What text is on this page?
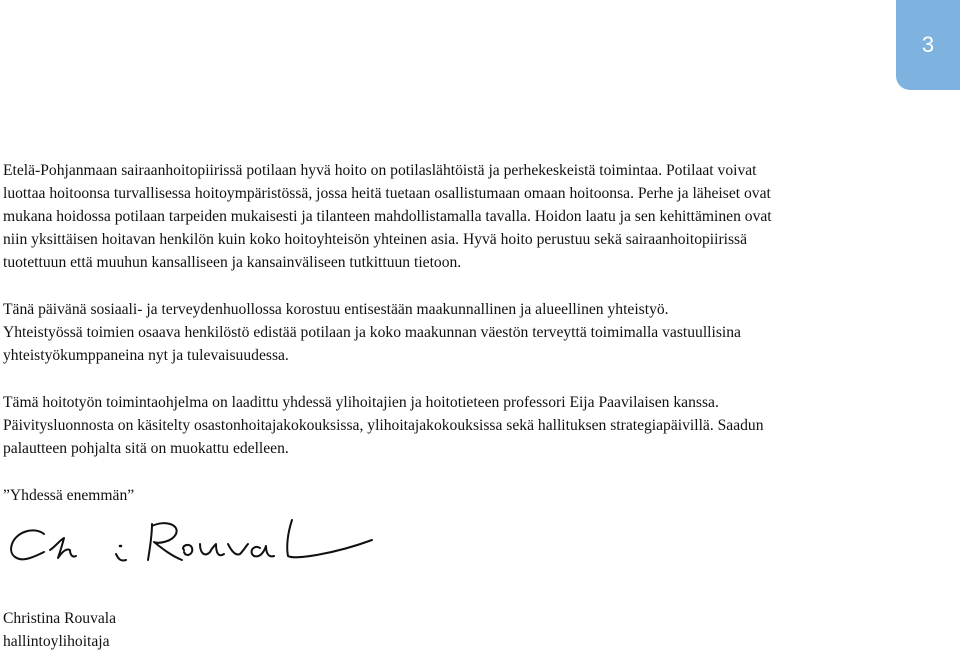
3

Etelä-Pohjanmaan sairaanhoitopiirissä potilaan hyvä hoito on potilaslähtöistä ja perhekeskeistä toimintaa. Potilaat voivat
luottaa hoitoonsa turvallisessa hoitoympäristössä, jossa heitä tuetaan osallistumaan omaan hoitoonsa. Perhe ja läheiset ovat
mukana hoidossa potilaan tarpeiden mukaisesti ja tilanteen mahdollistamalla tavalla. Hoidon laatu ja sen kehittäminen ovat
niin yksittäisen hoitavan henkilön kuin koko hoitoyhteisön yhteinen asia. Hyvä hoito perustuu sekä sairaanhoitopiirissä
tuotettuun että muuhun kansalliseen ja kansainväliseen tutkittuun tietoon.

Tänä päivänä sosiaali- ja terveydenhuollossa korostuu entisestään maakunnallinen ja alueellinen yhteistyö.
Yhteistyössä toimien osaava henkilöstö edistää potilaan ja koko maakunnan väestön terveyttä toimimalla vastuullisina
yhteistyökumppaneina nyt ja tulevaisuudessa.

Tämä hoitotyön toimintaohjelma on laadittu yhdessä ylihoitajien ja hoitotieteen professori Eija Paavilaisen kanssa.
Päivitysluonnosta on käsitelty osastonhoitajakokouksissa, ylihoitajakokouksissa sekä hallituksen strategiapäivillä. Saadun
palautteen pohjalta sitä on muokattu edelleen.

”Yhdessä enemmän”

Christina Rouvala
hallintoylihoitaja
